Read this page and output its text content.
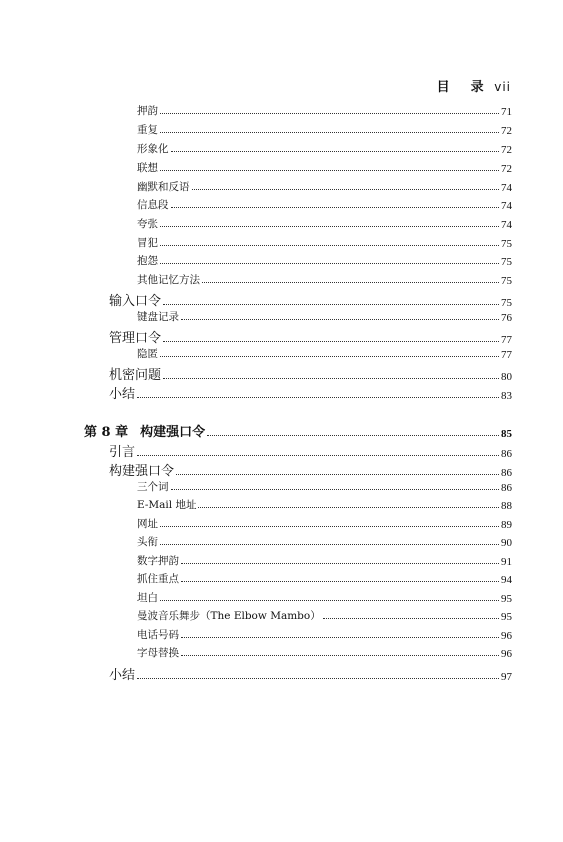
目 录 vii
押韵	71
重复	72
形象化	72
联想	72
幽默和反语	74
信息段	74
夸张	74
冒犯	75
抱怨	75
其他记忆方法	75
输入口令	75
键盘记录	76
管理口令	77
隐匿	77
机密问题	80
小结	83
第 8 章 构建强口令	85
引言	86
构建强口令	86
三个词	86
E-Mail 地址	88
网址	89
头衔	90
数字押韵	91
抓住重点	94
坦白	95
曼波音乐舞步（The Elbow Mambo）	95
电话号码	96
字母替换	96
小结	97
